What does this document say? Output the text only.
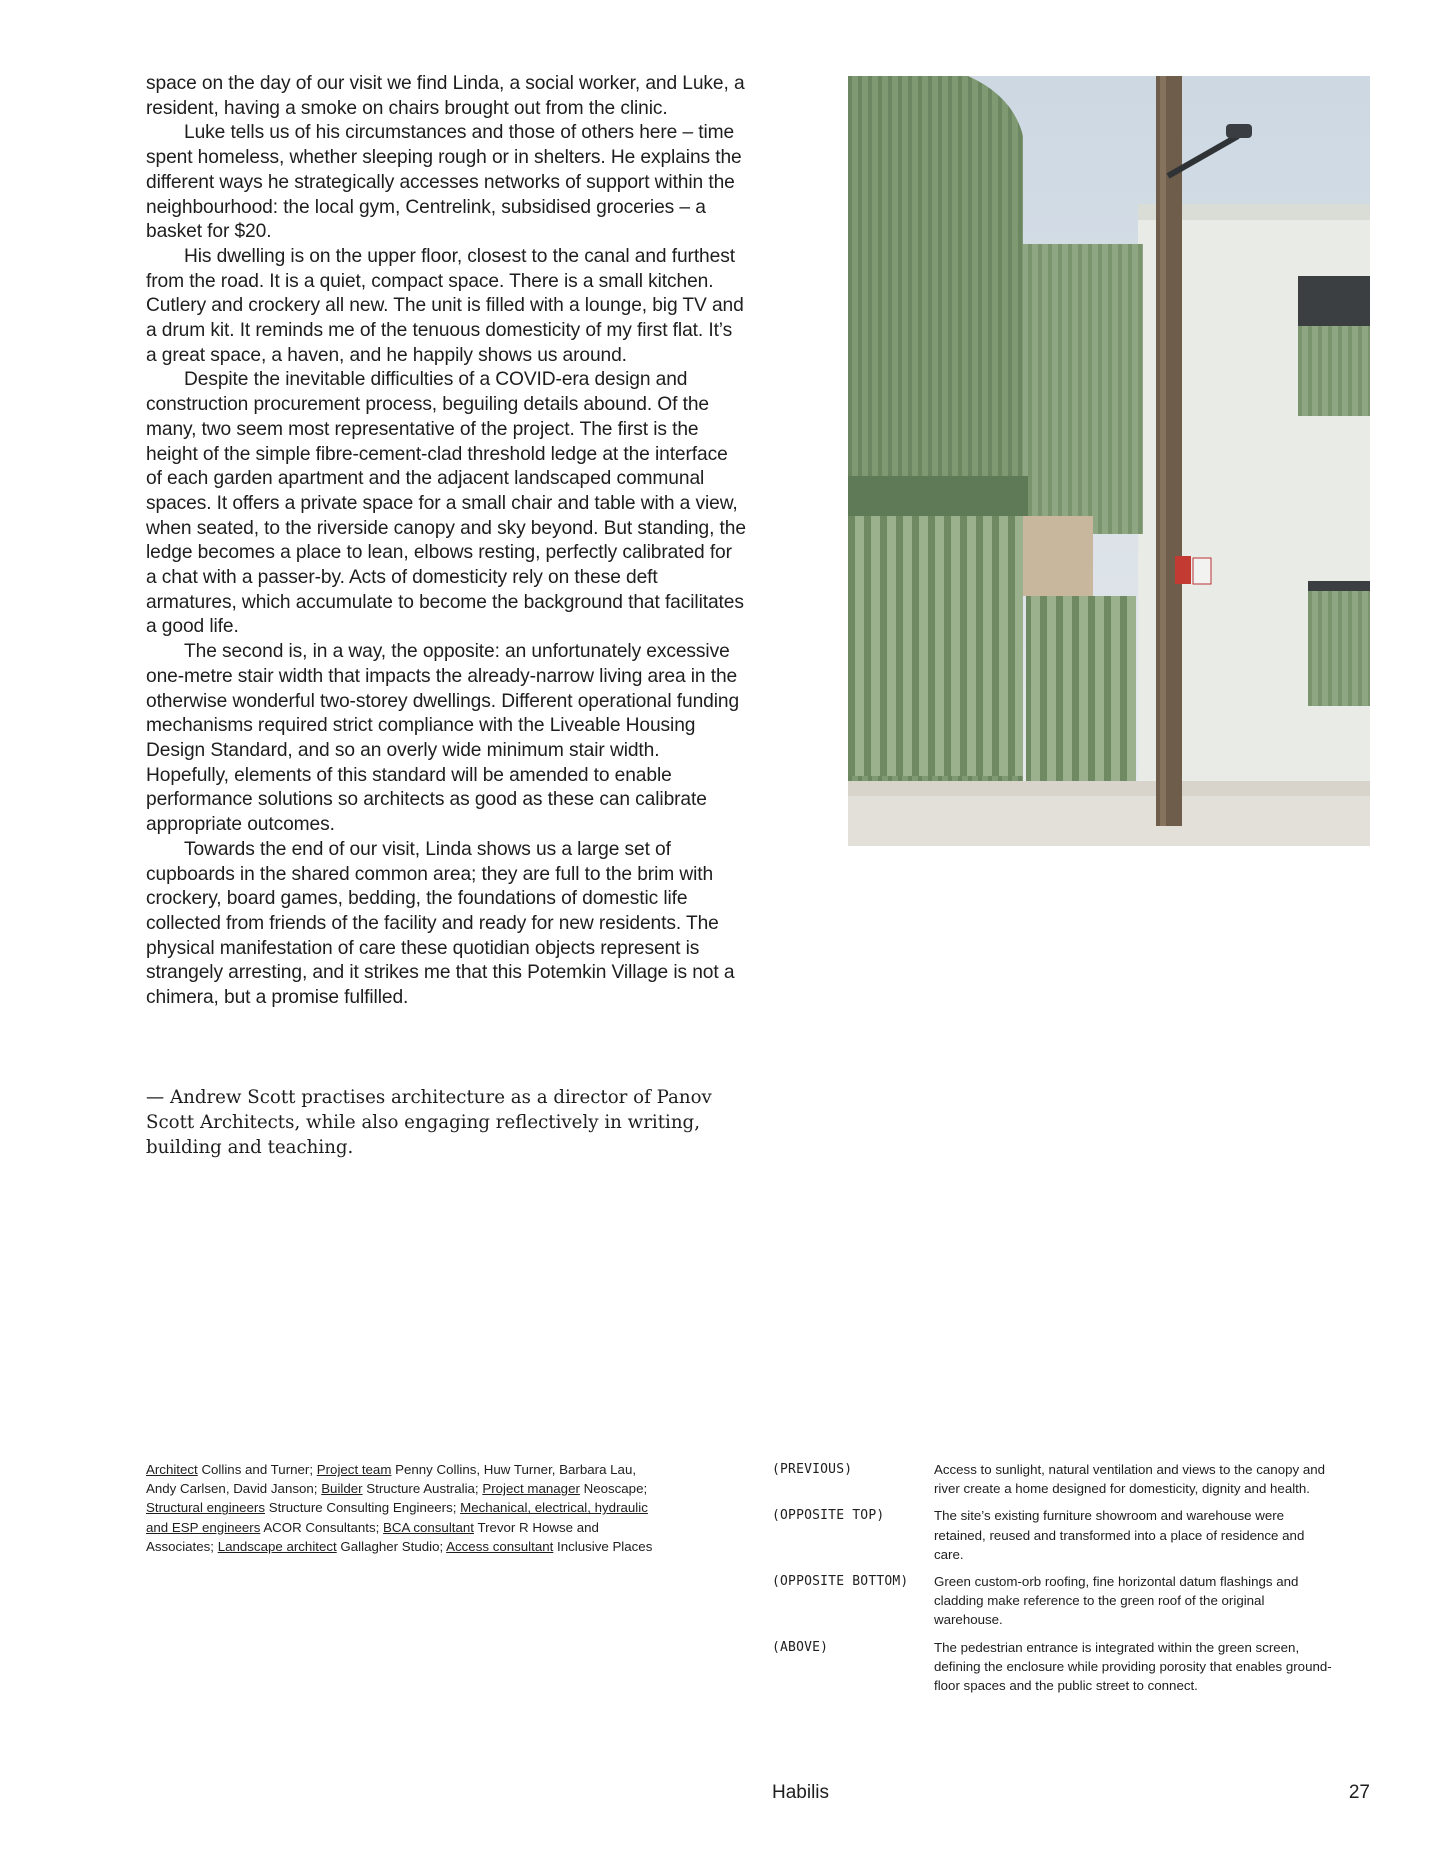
space on the day of our visit we find Linda, a social worker, and Luke, a resident, having a smoke on chairs brought out from the clinic.

Luke tells us of his circumstances and those of others here – time spent homeless, whether sleeping rough or in shelters. He explains the different ways he strategically accesses networks of support within the neighbourhood: the local gym, Centrelink, subsidised groceries – a basket for $20.

His dwelling is on the upper floor, closest to the canal and furthest from the road. It is a quiet, compact space. There is a small kitchen. Cutlery and crockery all new. The unit is filled with a lounge, big TV and a drum kit. It reminds me of the tenuous domesticity of my first flat. It’s a great space, a haven, and he happily shows us around.

Despite the inevitable difficulties of a COVID-era design and construction procurement process, beguiling details abound. Of the many, two seem most representative of the project. The first is the height of the simple fibre-cement-clad threshold ledge at the interface of each garden apartment and the adjacent landscaped communal spaces. It offers a private space for a small chair and table with a view, when seated, to the riverside canopy and sky beyond. But standing, the ledge becomes a place to lean, elbows resting, perfectly calibrated for a chat with a passer-by. Acts of domesticity rely on these deft armatures, which accumulate to become the background that facilitates a good life.

The second is, in a way, the opposite: an unfortunately excessive one-metre stair width that impacts the already-narrow living area in the otherwise wonderful two-storey dwellings. Different operational funding mechanisms required strict compliance with the Liveable Housing Design Standard, and so an overly wide minimum stair width. Hopefully, elements of this standard will be amended to enable performance solutions so architects as good as these can calibrate appropriate outcomes.

Towards the end of our visit, Linda shows us a large set of cupboards in the shared common area; they are full to the brim with crockery, board games, bedding, the foundations of domestic life collected from friends of the facility and ready for new residents. The physical manifestation of care these quotidian objects represent is strangely arresting, and it strikes me that this Potemkin Village is not a chimera, but a promise fulfilled.

— Andrew Scott practises architecture as a director of Panov Scott Architects, while also engaging reflectively in writing, building and teaching.
Architect Collins and Turner; Project team Penny Collins, Huw Turner, Barbara Lau, Andy Carlsen, David Janson; Builder Structure Australia; Project manager Neoscape; Structural engineers Structure Consulting Engineers; Mechanical, electrical, hydraulic and ESP engineers ACOR Consultants; BCA consultant Trevor R Howse and Associates; Landscape architect Gallagher Studio; Access consultant Inclusive Places
(PREVIOUS)	Access to sunlight, natural ventilation and views to the canopy and river create a home designed for domesticity, dignity and health.
(OPPOSITE TOP)	The site’s existing furniture showroom and warehouse were retained, reused and transformed into a place of residence and care.
(OPPOSITE BOTTOM)	Green custom-orb roofing, fine horizontal datum flashings and cladding make reference to the green roof of the original warehouse.
(ABOVE)	The pedestrian entrance is integrated within the green screen, defining the enclosure while providing porosity that enables ground-floor spaces and the public street to connect.
Habilis	27
